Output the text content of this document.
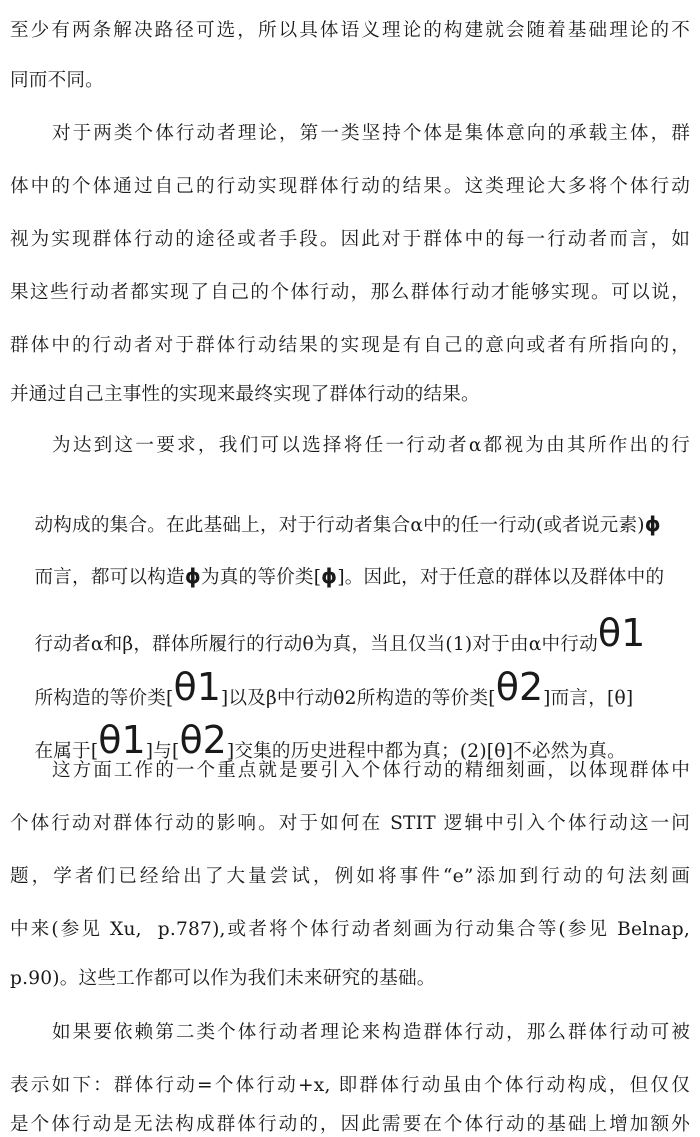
至少有两条解决路径可选，所以具体语义理论的构建就会随着基础理论的不
同而不同。
对于两类个体行动者理论，第一类坚持个体是集体意向的承载主体，群
体中的个体通过自己的行动实现群体行动的结果。这类理论大多将个体行动
视为实现群体行动的途径或者手段。因此对于群体中的每一行动者而言，如
果这些行动者都实现了自己的个体行动，那么群体行动才能够实现。可以说，
群体中的行动者对于群体行动结果的实现是有自己的意向或者有所指向的，
并通过自己主事性的实现来最终实现了群体行动的结果。
为达到这一要求，我们可以选择将任一行动者α都视为由其所作出的行

动构成的集合。在此基础上，对于行动者集合α中的任一行动(或者说元素)ϕ

而言，都可以构造ϕ为真的等价类[ϕ]。因此，对于任意的群体以及群体中的

行动者α和β，群体所履行的行动θ为真，当且仅当(1)对于由α中行动θ1

所构造的等价类[θ1]以及β中行动θ2所构造的等价类[θ2]而言，[θ]

在属于[θ1]与[θ2]交集的历史进程中都为真；(2)[θ]不必然为真。

这方面工作的一个重点就是要引入个体行动的精细刻画，以体现群体中
个体行动对群体行动的影响。对于如何在 STIT 逻辑中引入个体行动这一问
题，学者们已经给出了大量尝试，例如将事件“e”添加到行动的句法刻画
中来(参见 Xu,  p.787),或者将个体行动者刻画为行动集合等(参见 Belnap,
p.90)。这些工作都可以作为我们未来研究的基础。
如果要依赖第二类个体行动者理论来构造群体行动，那么群体行动可被
表示如下：群体行动=个体行动+x, 即群体行动虽由个体行动构成，但仅仅
是个体行动是无法构成群体行动的，因此需要在个体行动的基础上增加额外
